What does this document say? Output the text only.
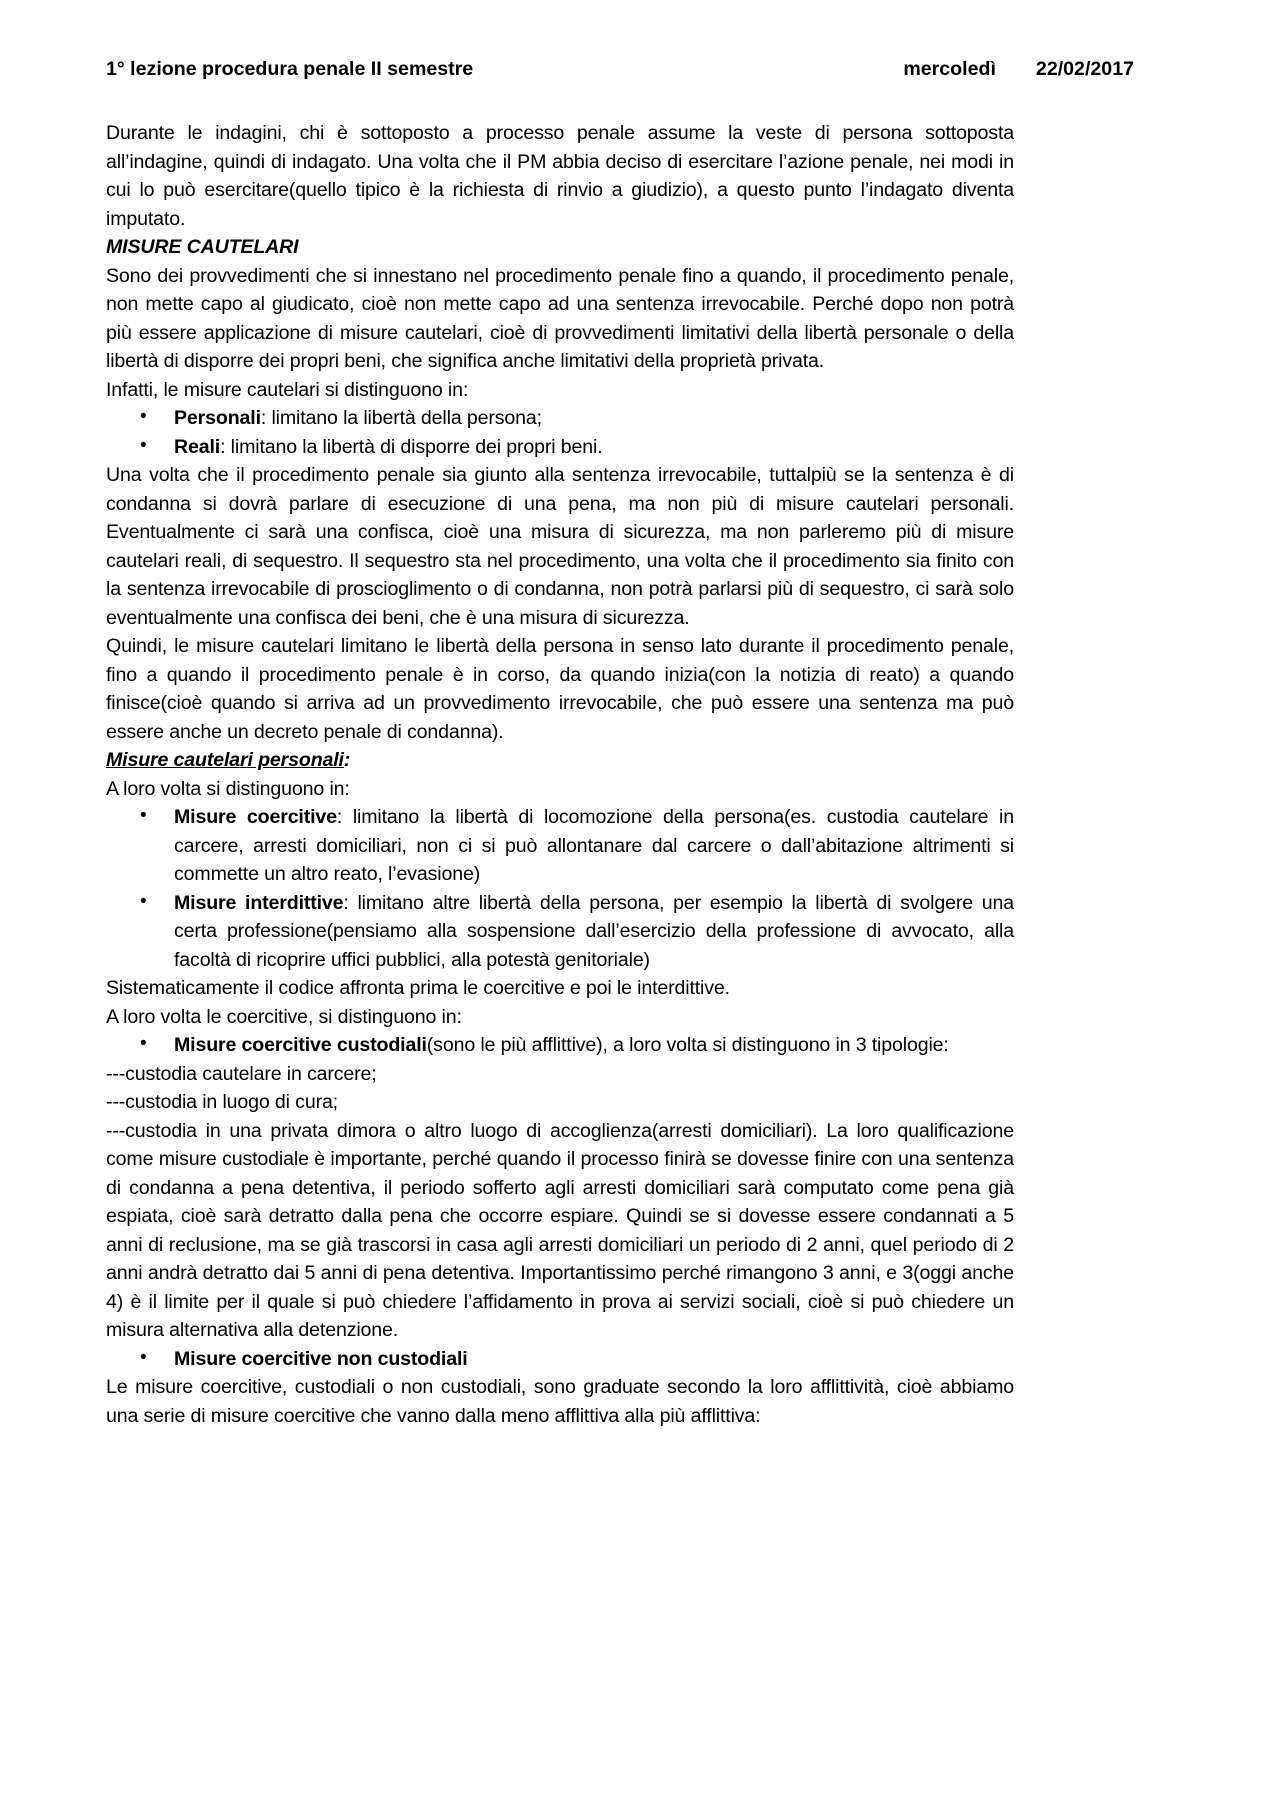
1° lezione procedura penale II semestre	mercoledì 22/02/2017

Durante le indagini, chi è sottoposto a processo penale assume la veste di persona sottoposta all’indagine, quindi di indagato. Una volta che il PM abbia deciso di esercitare l’azione penale, nei modi in cui lo può esercitare(quello tipico è la richiesta di rinvio a giudizio), a questo punto l’indagato diventa imputato.

MISURE CAUTELARI

Sono dei provvedimenti che si innestano nel procedimento penale fino a quando, il procedimento penale, non mette capo al giudicato, cioè non mette capo ad una sentenza irrevocabile. Perché dopo non potrà più essere applicazione di misure cautelari, cioè di provvedimenti limitativi della libertà personale o della libertà di disporre dei propri beni, che significa anche limitativi della proprietà privata.

Infatti, le misure cautelari si distinguono in:

• Personali: limitano la libertà della persona;
• Reali: limitano la libertà di disporre dei propri beni.

Una volta che il procedimento penale sia giunto alla sentenza irrevocabile, tuttalpiù se la sentenza è di condanna si dovrà parlare di esecuzione di una pena, ma non più di misure cautelari personali. Eventualmente ci sarà una confisca, cioè una misura di sicurezza, ma non parleremo più di misure cautelari reali, di sequestro. Il sequestro sta nel procedimento, una volta che il procedimento sia finito con la sentenza irrevocabile di proscioglimento o di condanna, non potrà parlarsi più di sequestro, ci sarà solo eventualmente una confisca dei beni, che è una misura di sicurezza.

Quindi, le misure cautelari limitano le libertà della persona in senso lato durante il procedimento penale, fino a quando il procedimento penale è in corso, da quando inizia(con la notizia di reato) a quando finisce(cioè quando si arriva ad un provvedimento irrevocabile, che può essere una sentenza ma può essere anche un decreto penale di condanna).

Misure cautelari personali:

A loro volta si distinguono in:

• Misure coercitive: limitano la libertà di locomozione della persona(es. custodia cautelare in carcere, arresti domiciliari, non ci si può allontanare dal carcere o dall’abitazione altrimenti si commette un altro reato, l’evasione)
• Misure interdittive: limitano altre libertà della persona, per esempio la libertà di svolgere una certa professione(pensiamo alla sospensione dall’esercizio della professione di avvocato, alla facoltà di ricoprire uffici pubblici, alla potestà genitoriale)

Sistematicamente il codice affronta prima le coercitive e poi le interdittive.

A loro volta le coercitive, si distinguono in:

• Misure coercitive custodiali(sono le più afflittive), a loro volta si distinguono in 3 tipologie:

---custodia cautelare in carcere;

---custodia in luogo di cura;

---custodia in una privata dimora o altro luogo di accoglienza(arresti domiciliari). La loro qualificazione come misure custodiale è importante, perché quando il processo finirà se dovesse finire con una sentenza di condanna a pena detentiva, il periodo sofferto agli arresti domiciliari sarà computato come pena già espiata, cioè sarà detratto dalla pena che occorre espiare. Quindi se si dovesse essere condannati a 5 anni di reclusione, ma se già trascorsi in casa agli arresti domiciliari un periodo di 2 anni, quel periodo di 2 anni andrà detratto dai 5 anni di pena detentiva. Importantissimo perché rimangono 3 anni, e 3(oggi anche 4) è il limite per il quale si può chiedere l’affidamento in prova ai servizi sociali, cioè si può chiedere un misura alternativa alla detenzione.

• Misure coercitive non custodiali

Le misure coercitive, custodiali o non custodiali, sono graduate secondo la loro afflittività, cioè abbiamo una serie di misure coercitive che vanno dalla meno afflittiva alla più afflittiva:
